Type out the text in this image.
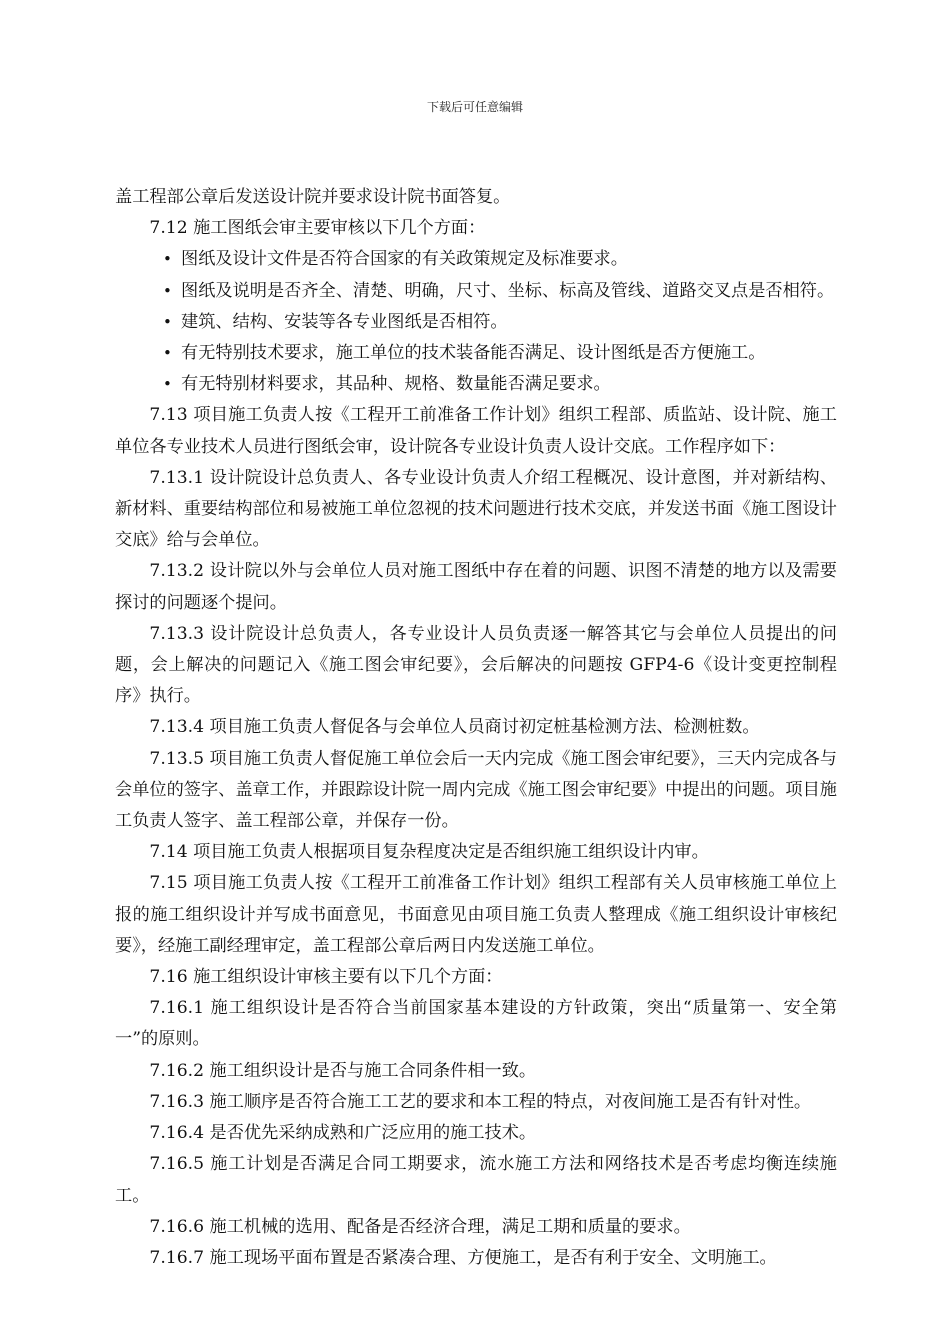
下载后可任意编辑

盖工程部公章后发送设计院并要求设计院书面答复。

7.12 施工图纸会审主要审核以下几个方面：

• 图纸及设计文件是否符合国家的有关政策规定及标准要求。
• 图纸及说明是否齐全、清楚、明确，尺寸、坐标、标高及管线、道路交叉点是否相符。
• 建筑、结构、安装等各专业图纸是否相符。
• 有无特别技术要求，施工单位的技术装备能否满足、设计图纸是否方便施工。
• 有无特别材料要求，其品种、规格、数量能否满足要求。

7.13 项目施工负责人按《工程开工前准备工作计划》组织工程部、质监站、设计院、施工单位各专业技术人员进行图纸会审，设计院各专业设计负责人设计交底。工作程序如下：

7.13.1 设计院设计总负责人、各专业设计负责人介绍工程概况、设计意图，并对新结构、新材料、重要结构部位和易被施工单位忽视的技术问题进行技术交底，并发送书面《施工图设计交底》给与会单位。

7.13.2 设计院以外与会单位人员对施工图纸中存在着的问题、识图不清楚的地方以及需要探讨的问题逐个提问。

7.13.3 设计院设计总负责人，各专业设计人员负责逐一解答其它与会单位人员提出的问题，会上解决的问题记入《施工图会审纪要》，会后解决的问题按 GFP4-6《设计变更控制程序》执行。

7.13.4 项目施工负责人督促各与会单位人员商讨初定桩基检测方法、检测桩数。

7.13.5 项目施工负责人督促施工单位会后一天内完成《施工图会审纪要》，三天内完成各与会单位的签字、盖章工作，并跟踪设计院一周内完成《施工图会审纪要》中提出的问题。项目施工负责人签字、盖工程部公章，并保存一份。

7.14 项目施工负责人根据项目复杂程度决定是否组织施工组织设计内审。

7.15 项目施工负责人按《工程开工前准备工作计划》组织工程部有关人员审核施工单位上报的施工组织设计并写成书面意见，书面意见由项目施工负责人整理成《施工组织设计审核纪要》，经施工副经理审定，盖工程部公章后两日内发送施工单位。

7.16 施工组织设计审核主要有以下几个方面：

7.16.1 施工组织设计是否符合当前国家基本建设的方针政策，突出“质量第一、安全第一”的原则。

7.16.2 施工组织设计是否与施工合同条件相一致。

7.16.3 施工顺序是否符合施工工艺的要求和本工程的特点，对夜间施工是否有针对性。

7.16.4 是否优先采纳成熟和广泛应用的施工技术。

7.16.5 施工计划是否满足合同工期要求，流水施工方法和网络技术是否考虑均衡连续施工。

7.16.6 施工机械的选用、配备是否经济合理，满足工期和质量的要求。

7.16.7 施工现场平面布置是否紧凑合理、方便施工，是否有利于安全、文明施工。
